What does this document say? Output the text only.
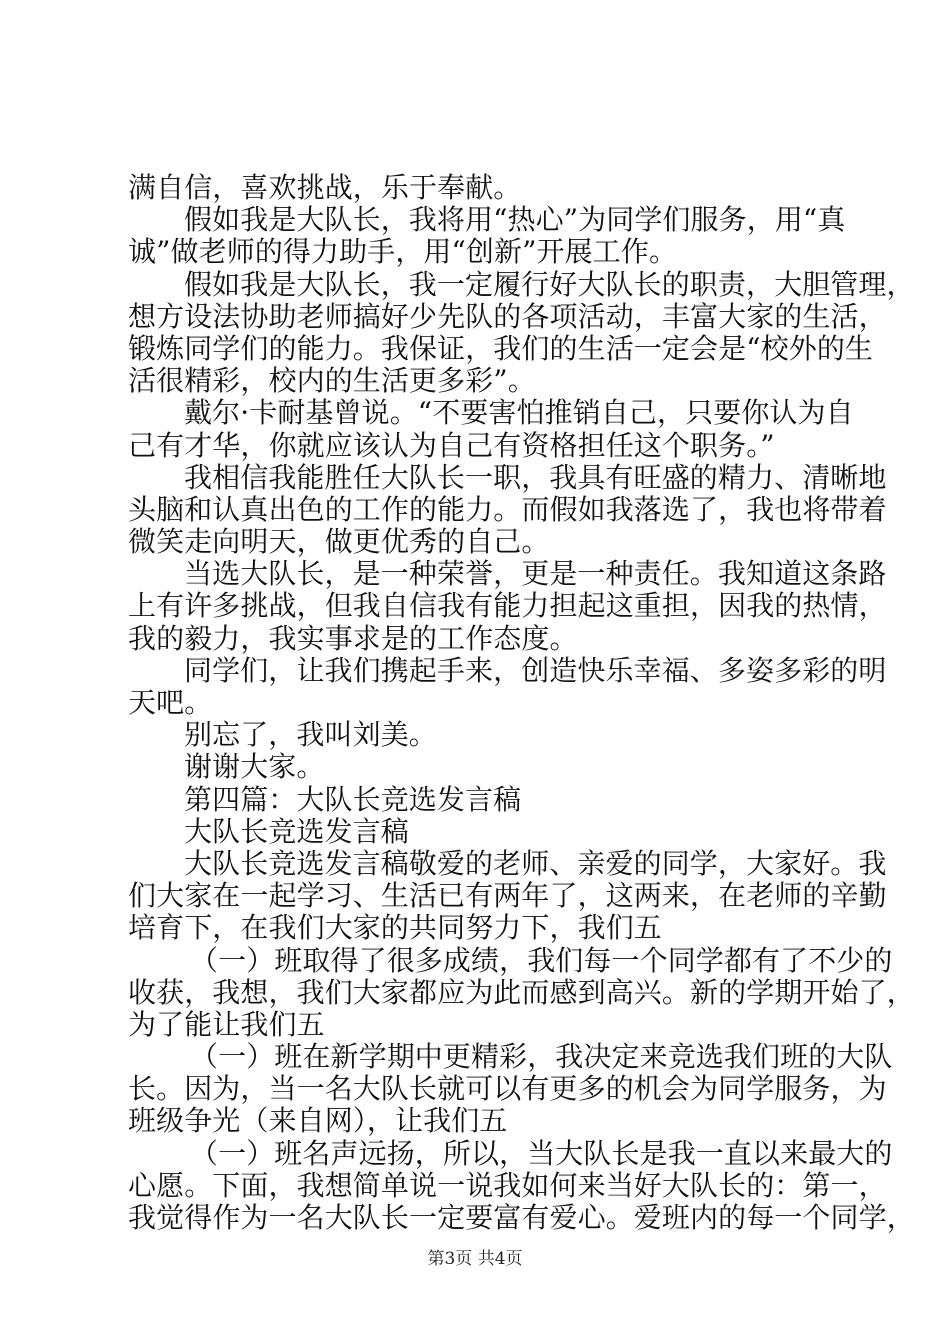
满自信，喜欢挑战，乐于奉献。
假如我是大队长，我将用“热心”为同学们服务，用“真
诚”做老师的得力助手，用“创新”开展工作。
假如我是大队长，我一定履行好大队长的职责，大胆管理，
想方设法协助老师搞好少先队的各项活动，丰富大家的生活，
锻炼同学们的能力。我保证，我们的生活一定会是“校外的生
活很精彩，校内的生活更多彩”。
戴尔·卡耐基曾说。“不要害怕推销自己，只要你认为自
己有才华，你就应该认为自己有资格担任这个职务。”
我相信我能胜任大队长一职，我具有旺盛的精力、清晰地
头脑和认真出色的工作的能力。而假如我落选了，我也将带着
微笑走向明天，做更优秀的自己。
当选大队长，是一种荣誉，更是一种责任。我知道这条路
上有许多挑战，但我自信我有能力担起这重担，因我的热情，
我的毅力，我实事求是的工作态度。
同学们，让我们携起手来，创造快乐幸福、多姿多彩的明
天吧。
别忘了，我叫刘美。
谢谢大家。
第四篇：大队长竞选发言稿
大队长竞选发言稿
大队长竞选发言稿敬爱的老师、亲爱的同学，大家好。我
们大家在一起学习、生活已有两年了，这两来，在老师的辛勤
培育下，在我们大家的共同努力下，我们五
（一）班取得了很多成绩，我们每一个同学都有了不少的
收获，我想，我们大家都应为此而感到高兴。新的学期开始了，
为了能让我们五
（一）班在新学期中更精彩，我决定来竞选我们班的大队
长。因为，当一名大队长就可以有更多的机会为同学服务，为
班级争光（来自网），让我们五
（一）班名声远扬，所以，当大队长是我一直以来最大的
心愿。下面，我想简单说一说我如何来当好大队长的：第一，
我觉得作为一名大队长一定要富有爱心。爱班内的每一个同学，
第3页 共4页
